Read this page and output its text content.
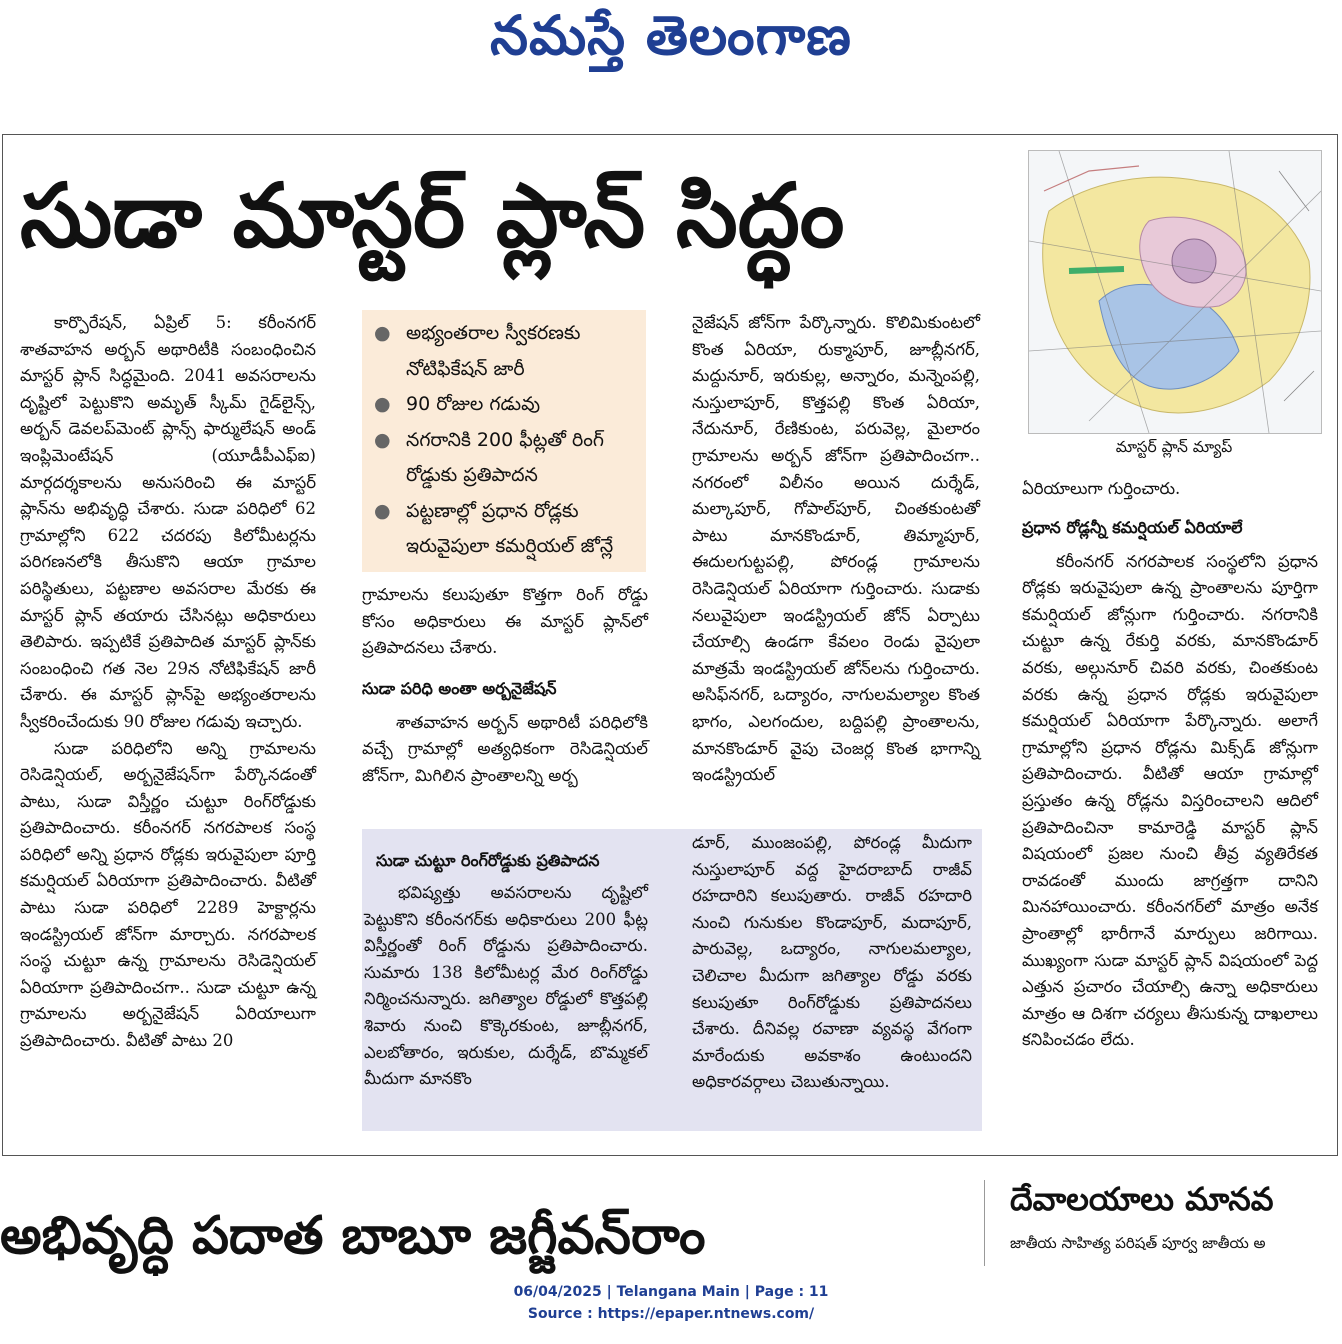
నమస్తే తెలంగాణ
సుడా మాస్టర్ ప్లాన్ సిద్ధం

కార్పొరేషన్, ఏప్రిల్ 5: కరీంనగర్ శాతవాహన అర్బన్ అథారిటీకి సంబంధించిన మాస్టర్ ప్లాన్ సిద్ధమైంది. 2041 అవసరాలను దృష్టిలో పెట్టుకొని అమృత్ స్కీమ్ గైడ్‌లైన్స్, అర్బన్ డెవలప్‌మెంట్ ప్లాన్స్ ఫార్ములేషన్ అండ్ ఇంప్లిమెంటేషన్ (యూడీపీఎఫ్ఐ) మార్గదర్శకాలను అనుసరించి ఈ మాస్టర్ ప్లాన్‌ను అభివృద్ధి చేశారు. సుడా పరిధిలో 62 గ్రామాల్లోని 622 చదరపు కిలోమీటర్లను పరిగణనలోకి తీసుకొని ఆయా గ్రామాల పరిస్థితులు, పట్టణాల అవసరాల మేరకు ఈ మాస్టర్ ప్లాన్ తయారు చేసినట్లు అధికారులు తెలిపారు. ఇప్పటికే ప్రతిపాదిత మాస్టర్ ప్లాన్‌కు సంబంధించి గత నెల 29న నోటిఫికేషన్ జారీ చేశారు. ఈ మాస్టర్ ప్లాన్‌పై అభ్యంతరాలను స్వీకరించేందుకు 90 రోజుల గడువు ఇచ్చారు.

సుడా పరిధిలోని అన్ని గ్రామాలను రెసిడెన్షియల్, అర్బనైజేషన్‌గా పేర్కొనడంతో పాటు, సుడా విస్తీర్ణం చుట్టూ రింగ్‌రోడ్డుకు ప్రతిపాదించారు. కరీంనగర్ నగరపాలక సంస్థ పరిధిలో అన్ని ప్రధాన రోడ్లకు ఇరువైపులా పూర్తి కమర్షియల్ ఏరియాగా ప్రతిపాదించారు. వీటితో పాటు సుడా పరిధిలో 2289 హెక్టార్లను ఇండస్ట్రియల్ జోన్‌గా మార్చారు. నగరపాలక సంస్థ చుట్టూ ఉన్న గ్రామాలను రెసిడెన్షియల్ ఏరియాగా ప్రతిపాదించగా.. సుడా చుట్టూ ఉన్న గ్రామాలను అర్బనైజేషన్ ఏరియాలుగా ప్రతిపాదించారు. వీటితో పాటు 20

● అభ్యంతరాల స్వీకరణకు నోటిఫికేషన్ జారీ
● 90 రోజుల గడువు
● నగరానికి 200 ఫీట్లతో రింగ్ రోడ్డుకు ప్రతిపాదన
● పట్టణాల్లో ప్రధాన రోడ్లకు ఇరువైపులా కమర్షియల్ జోన్లే

గ్రామాలను కలుపుతూ కొత్తగా రింగ్ రోడ్డు కోసం అధికారులు ఈ మాస్టర్ ప్లాన్‌లో ప్రతిపాదనలు చేశారు.

సుడా పరిధి అంతా అర్బనైజేషన్

శాతవాహన అర్బన్ అథారిటీ పరిధిలోకి వచ్చే గ్రామాల్లో అత్యధికంగా రెసిడెన్షియల్ జోన్‌గా, మిగిలిన ప్రాంతాలన్ని అర్బ

నైజేషన్ జోన్‌గా పేర్కొన్నారు. కొలిమికుంటలో కొంత ఏరియా, రుక్మాపూర్, జూబ్లీనగర్, మద్దునూర్, ఇరుకుల్ల, అన్నారం, మన్నెంపల్లి, నుస్తులాపూర్, కొత్తపల్లి కొంత ఏరియా, నేదునూర్, రేణికుంట, పరువెల్ల, మైలారం గ్రామాలను అర్బన్ జోన్‌గా ప్రతిపాదించగా.. నగరంలో విలీనం అయిన దుర్శేడ్, మల్కాపూర్, గోపాల్‌పూర్, చింతకుంటతో పాటు మానకొండూర్, తిమ్మాపూర్, ఈదులగుట్టపల్లి, పోరండ్ల గ్రామాలను రెసిడెన్షియల్ ఏరియాగా గుర్తించారు. సుడాకు నలువైపులా ఇండస్ట్రియల్ జోన్ ఏర్పాటు చేయాల్సి ఉండగా కేవలం రెండు వైపులా మాత్రమే ఇండస్ట్రియల్ జోన్‌లను గుర్తించారు. అసిఫ్‌నగర్, ఒద్యారం, నాగులమల్యాల కొంత భాగం, ఎలగందుల, బద్దిపల్లి ప్రాంతాలను, మానకొండూర్ వైపు చెంజర్ల కొంత భాగాన్ని ఇండస్ట్రియల్

సుడా చుట్టూ రింగ్‌రోడ్డుకు ప్రతిపాదన

భవిష్యత్తు అవసరాలను దృష్టిలో పెట్టుకొని కరీంనగర్‌కు అధికారులు 200 ఫీట్ల విస్తీర్ణంతో రింగ్ రోడ్డును ప్రతిపాదించారు. సుమారు 138 కిలోమీటర్ల మేర రింగ్‌రోడ్డు నిర్మించనున్నారు. జగిత్యాల రోడ్డులో కొత్తపల్లి శివారు నుంచి కొక్కెరకుంట, జూబ్లీనగర్, ఎలబోతారం, ఇరుకుల, దుర్శేడ్, బొమ్మకల్ మీదుగా మానకొం

డూర్, ముంజంపల్లి, పోరండ్ల మీదుగా నుస్తులాపూర్ వద్ద హైదరాబాద్ రాజీవ్ రహదారిని కలుపుతారు. రాజీవ్ రహదారి నుంచి గునుకుల కొండాపూర్, మదాపూర్, పారువెల్ల, ఒద్యారం, నాగులమల్యాల, చెలిచాల మీదుగా జగిత్యాల రోడ్డు వరకు కలుపుతూ రింగ్‌రోడ్డుకు ప్రతిపాదనలు చేశారు. దీనివల్ల రవాణా వ్యవస్థ వేగంగా మారేందుకు అవకాశం ఉంటుందని అధికారవర్గాలు చెబుతున్నాయి.

మాస్టర్ ప్లాన్ మ్యాప్

ఏరియాలుగా గుర్తించారు.

ప్రధాన రోడ్లన్నీ కమర్షియల్ ఏరియాలే

కరీంనగర్ నగరపాలక సంస్థలోని ప్రధాన రోడ్లకు ఇరువైపులా ఉన్న ప్రాంతాలను పూర్తిగా కమర్షియల్ జోన్లుగా గుర్తించారు. నగరానికి చుట్టూ ఉన్న రేకుర్తి వరకు, మానకొండూర్ వరకు, అల్గునూర్ చివరి వరకు, చింతకుంట వరకు ఉన్న ప్రధాన రోడ్లకు ఇరువైపులా కమర్షియల్ ఏరియాగా పేర్కొన్నారు. అలాగే గ్రామాల్లోని ప్రధాన రోడ్లను మిక్స్‌డ్ జోన్లుగా ప్రతిపాదించారు. వీటితో ఆయా గ్రామాల్లో ప్రస్తుతం ఉన్న రోడ్లను విస్తరించాలని ఆదిలో ప్రతిపాదించినా కామారెడ్డి మాస్టర్ ప్లాన్ విషయంలో ప్రజల నుంచి తీవ్ర వ్యతిరేకత రావడంతో ముందు జాగ్రత్తగా దానిని మినహాయించారు. కరీంనగర్‌లో మాత్రం అనేక ప్రాంతాల్లో భారీగానే మార్పులు జరిగాయి. ముఖ్యంగా సుడా మాస్టర్ ప్లాన్ విషయంలో పెద్ద ఎత్తున ప్రచారం చేయాల్సి ఉన్నా అధికారులు మాత్రం ఆ దిశగా చర్యలు తీసుకున్న దాఖలాలు కనిపించడం లేదు.

అభివృద్ధి పదాత బాబూ జగ్జీవన్‌రాం
దేవాలయాలు మానవ
జాతీయ సాహిత్య పరిషత్ పూర్వ జాతీయ అ
06/04/2025 | Telangana Main | Page : 11
Source : https://epaper.ntnews.com/
